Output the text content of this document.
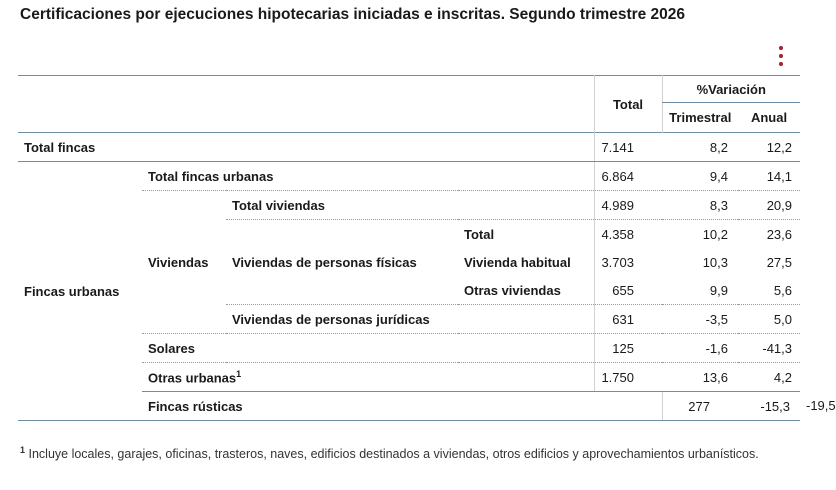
Certificaciones por ejecuciones hipotecarias iniciadas e inscritas. Segundo trimestre 2026
				Total	%Variación		
					Trimestral	Anual	
Total fincas				7.141	8,2	12,2	
Fincas urbanas	Total fincas urbanas			6.864	9,4	14,1	
	Viviendas	Total viviendas		4.989	8,3	20,9	
		Viviendas de personas físicas	Total	4.358	10,2	23,6	
			Vivienda habitual	3.703	10,3	27,5	
			Otras viviendas	655	9,9	5,6	
		Viviendas de personas jurídicas		631	-3,5	5,0	
	Solares			125	-1,6	-41,3	
	Otras urbanas$^1$			1.750	13,6	4,2	
	Fincas rústicas				277	-15,3	-19,5

$^1$ Incluye locales, garajes, oficinas, trasteros, naves, edificios destinados a viviendas, otros edificios y aprovechamientos urbanísticos.
